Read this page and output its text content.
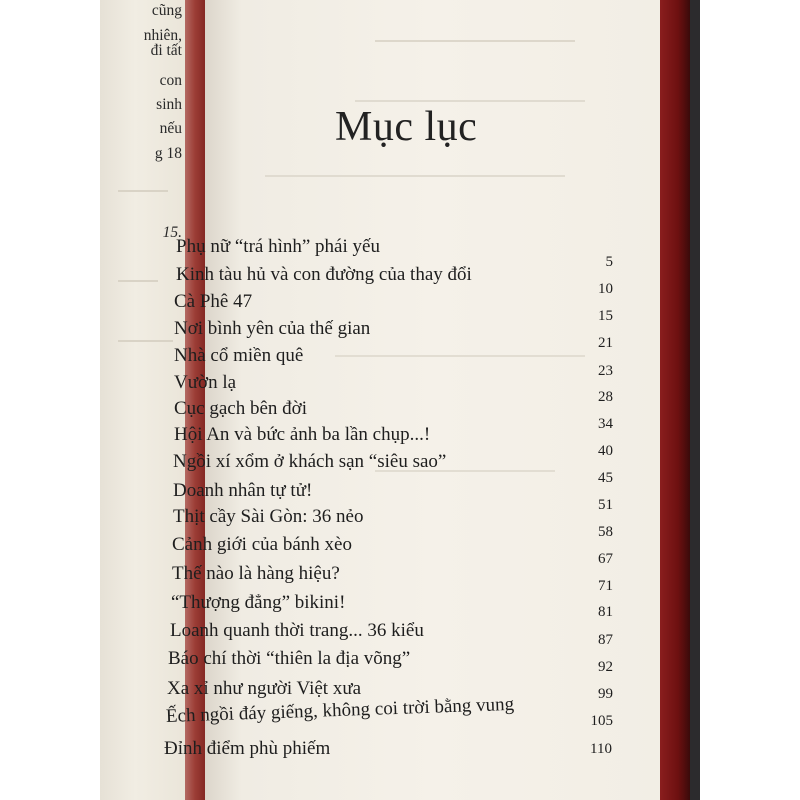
cũng
nhiên,
đi tất
con
sinh
nếu
g 18
15.
Mục lục
Phụ nữ “trá hình” phái yếu
Kinh tàu hủ và con đường của thay đổi
Cà Phê 47
Nơi bình yên của thế gian
Nhà cổ miền quê
Vườn lạ
Cục gạch bên đời
Hội An và bức ảnh ba lần chụp...!
Ngồi xí xổm ở khách sạn “siêu sao”
Doanh nhân tự tử!
Thịt cầy Sài Gòn: 36 nẻo
Cảnh giới của bánh xèo
Thế nào là hàng hiệu?
“Thượng đẳng” bikini!
Loanh quanh thời trang... 36 kiểu
Báo chí thời “thiên la địa võng”
Xa xỉ như người Việt xưa
Ếch ngồi đáy giếng, không coi trời bằng vung
Đỉnh điểm phù phiếm
5
10
15
21
23
28
34
40
45
51
58
67
71
81
87
92
99
105
110
